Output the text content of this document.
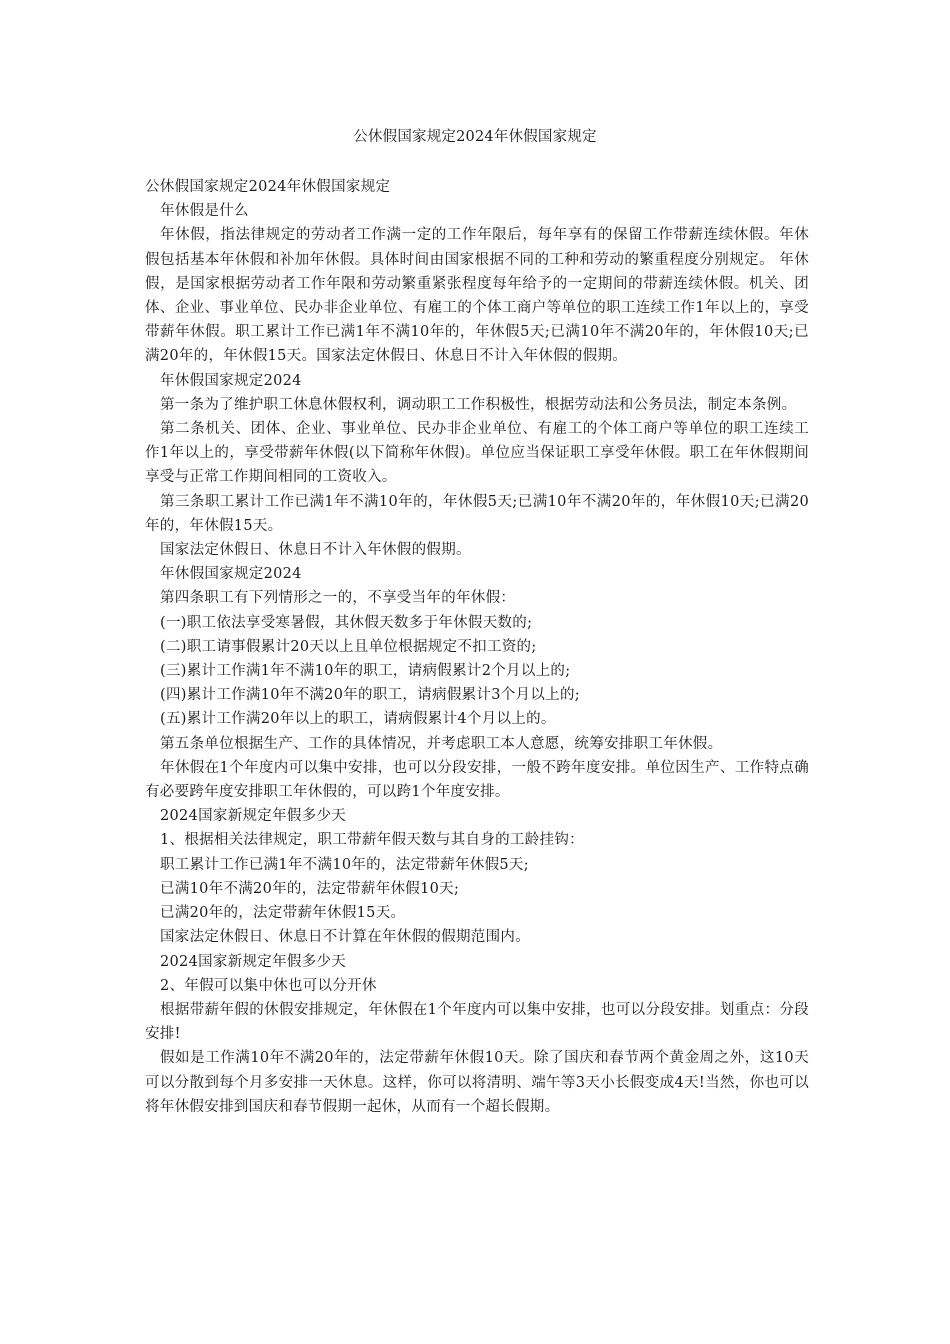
公休假国家规定2024年休假国家规定

公休假国家规定2024年休假国家规定

年休假是什么

年休假，指法律规定的劳动者工作满一定的工作年限后，每年享有的保留工作带薪连续休假。年休假包括基本年休假和补加年休假。具体时间由国家根据不同的工种和劳动的繁重程度分别规定。 年休假，是国家根据劳动者工作年限和劳动繁重紧张程度每年给予的一定期间的带薪连续休假。机关、团体、企业、事业单位、民办非企业单位、有雇工的个体工商户等单位的职工连续工作1年以上的，享受带薪年休假。职工累计工作已满1年不满10年的，年休假5天;已满10年不满20年的，年休假10天;已满20年的，年休假15天。国家法定休假日、休息日不计入年休假的假期。

年休假国家规定2024

第一条为了维护职工休息休假权利，调动职工工作积极性，根据劳动法和公务员法，制定本条例。

第二条机关、团体、企业、事业单位、民办非企业单位、有雇工的个体工商户等单位的职工连续工作1年以上的，享受带薪年休假(以下简称年休假)。单位应当保证职工享受年休假。职工在年休假期间享受与正常工作期间相同的工资收入。

第三条职工累计工作已满1年不满10年的，年休假5天;已满10年不满20年的，年休假10天;已满20年的，年休假15天。

国家法定休假日、休息日不计入年休假的假期。

年休假国家规定2024

第四条职工有下列情形之一的，不享受当年的年休假：

(一)职工依法享受寒暑假，其休假天数多于年休假天数的;

(二)职工请事假累计20天以上且单位根据规定不扣工资的;

(三)累计工作满1年不满10年的职工，请病假累计2个月以上的;

(四)累计工作满10年不满20年的职工，请病假累计3个月以上的;

(五)累计工作满20年以上的职工，请病假累计4个月以上的。

第五条单位根据生产、工作的具体情况，并考虑职工本人意愿，统筹安排职工年休假。

年休假在1个年度内可以集中安排，也可以分段安排，一般不跨年度安排。单位因生产、工作特点确有必要跨年度安排职工年休假的，可以跨1个年度安排。

2024国家新规定年假多少天

1、根据相关法律规定，职工带薪年假天数与其自身的工龄挂钩：

职工累计工作已满1年不满10年的，法定带薪年休假5天;

已满10年不满20年的，法定带薪年休假10天;

已满20年的，法定带薪年休假15天。

国家法定休假日、休息日不计算在年休假的假期范围内。

2024国家新规定年假多少天

2、年假可以集中休也可以分开休

根据带薪年假的休假安排规定，年休假在1个年度内可以集中安排，也可以分段安排。划重点：分段安排!

假如是工作满10年不满20年的，法定带薪年休假10天。除了国庆和春节两个黄金周之外，这10天可以分散到每个月多安排一天休息。这样，你可以将清明、端午等3天小长假变成4天!当然，你也可以将年休假安排到国庆和春节假期一起休，从而有一个超长假期。
